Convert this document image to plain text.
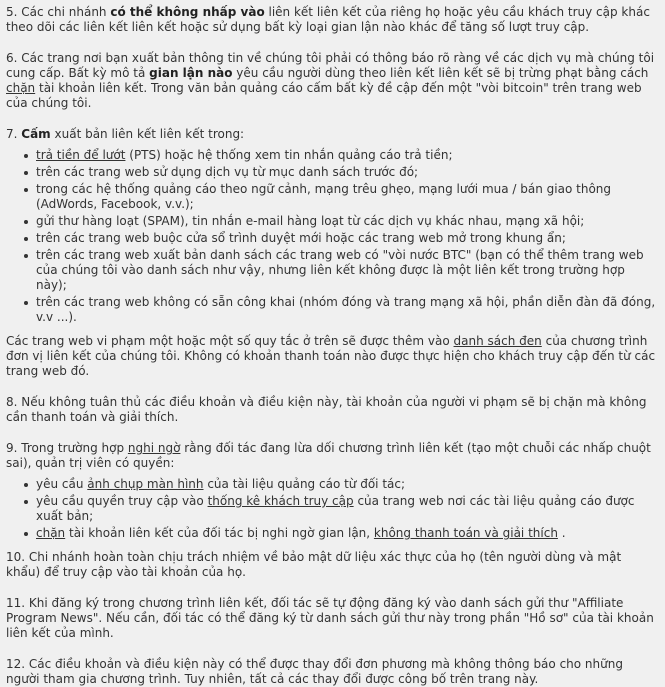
5. Các chi nhánh có thể không nhấp vào liên kết liên kết của riêng họ hoặc yêu cầu khách truy cập khác theo dõi các liên kết liên kết hoặc sử dụng bất kỳ loại gian lận nào khác để tăng số lượt truy cập.

6. Các trang nơi bạn xuất bản thông tin về chúng tôi phải có thông báo rõ ràng về các dịch vụ mà chúng tôi cung cấp. Bất kỳ mô tả gian lận nào yêu cầu người dùng theo liên kết liên kết sẽ bị trừng phạt bằng cách chặn tài khoản liên kết. Trong văn bản quảng cáo cấm bất kỳ đề cập đến một "vòi bitcoin" trên trang web của chúng tôi.

7. Cấm xuất bản liên kết liên kết trong:

trả tiền để lướt (PTS) hoặc hệ thống xem tin nhắn quảng cáo trả tiền;
trên các trang web sử dụng dịch vụ từ mục danh sách trước đó;
trong các hệ thống quảng cáo theo ngữ cảnh, mạng trêu ghẹo, mạng lưới mua / bán giao thông (AdWords, Facebook, v.v.);
gửi thư hàng loạt (SPAM), tin nhắn e-mail hàng loạt từ các dịch vụ khác nhau, mạng xã hội;
trên các trang web buộc cửa sổ trình duyệt mới hoặc các trang web mở trong khung ẩn;
trên các trang web xuất bản danh sách các trang web có "vòi nước BTC" (bạn có thể thêm trang web của chúng tôi vào danh sách như vậy, nhưng liên kết không được là một liên kết trong trường hợp này);
trên các trang web không có sẵn công khai (nhóm đóng và trang mạng xã hội, phần diễn đàn đã đóng, v.v ...).

Các trang web vi phạm một hoặc một số quy tắc ở trên sẽ được thêm vào danh sách đen của chương trình đơn vị liên kết của chúng tôi. Không có khoản thanh toán nào được thực hiện cho khách truy cập đến từ các trang web đó.

8. Nếu không tuân thủ các điều khoản và điều kiện này, tài khoản của người vi phạm sẽ bị chặn mà không cần thanh toán và giải thích.

9. Trong trường hợp nghi ngờ rằng đối tác đang lừa dối chương trình liên kết (tạo một chuỗi các nhấp chuột sai), quản trị viên có quyền:

yêu cầu ảnh chụp màn hình của tài liệu quảng cáo từ đối tác;
yêu cầu quyền truy cập vào thống kê khách truy cập của trang web nơi các tài liệu quảng cáo được xuất bản;
chặn tài khoản liên kết của đối tác bị nghi ngờ gian lận, không thanh toán và giải thích .

10. Chi nhánh hoàn toàn chịu trách nhiệm về bảo mật dữ liệu xác thực của họ (tên người dùng và mật khẩu) để truy cập vào tài khoản của họ.

11. Khi đăng ký trong chương trình liên kết, đối tác sẽ tự động đăng ký vào danh sách gửi thư "Affiliate Program News". Nếu cần, đối tác có thể đăng ký từ danh sách gửi thư này trong phần "Hồ sơ" của tài khoản liên kết của mình.

12. Các điều khoản và điều kiện này có thể được thay đổi đơn phương mà không thông báo cho những người tham gia chương trình. Tuy nhiên, tất cả các thay đổi được công bố trên trang này.
